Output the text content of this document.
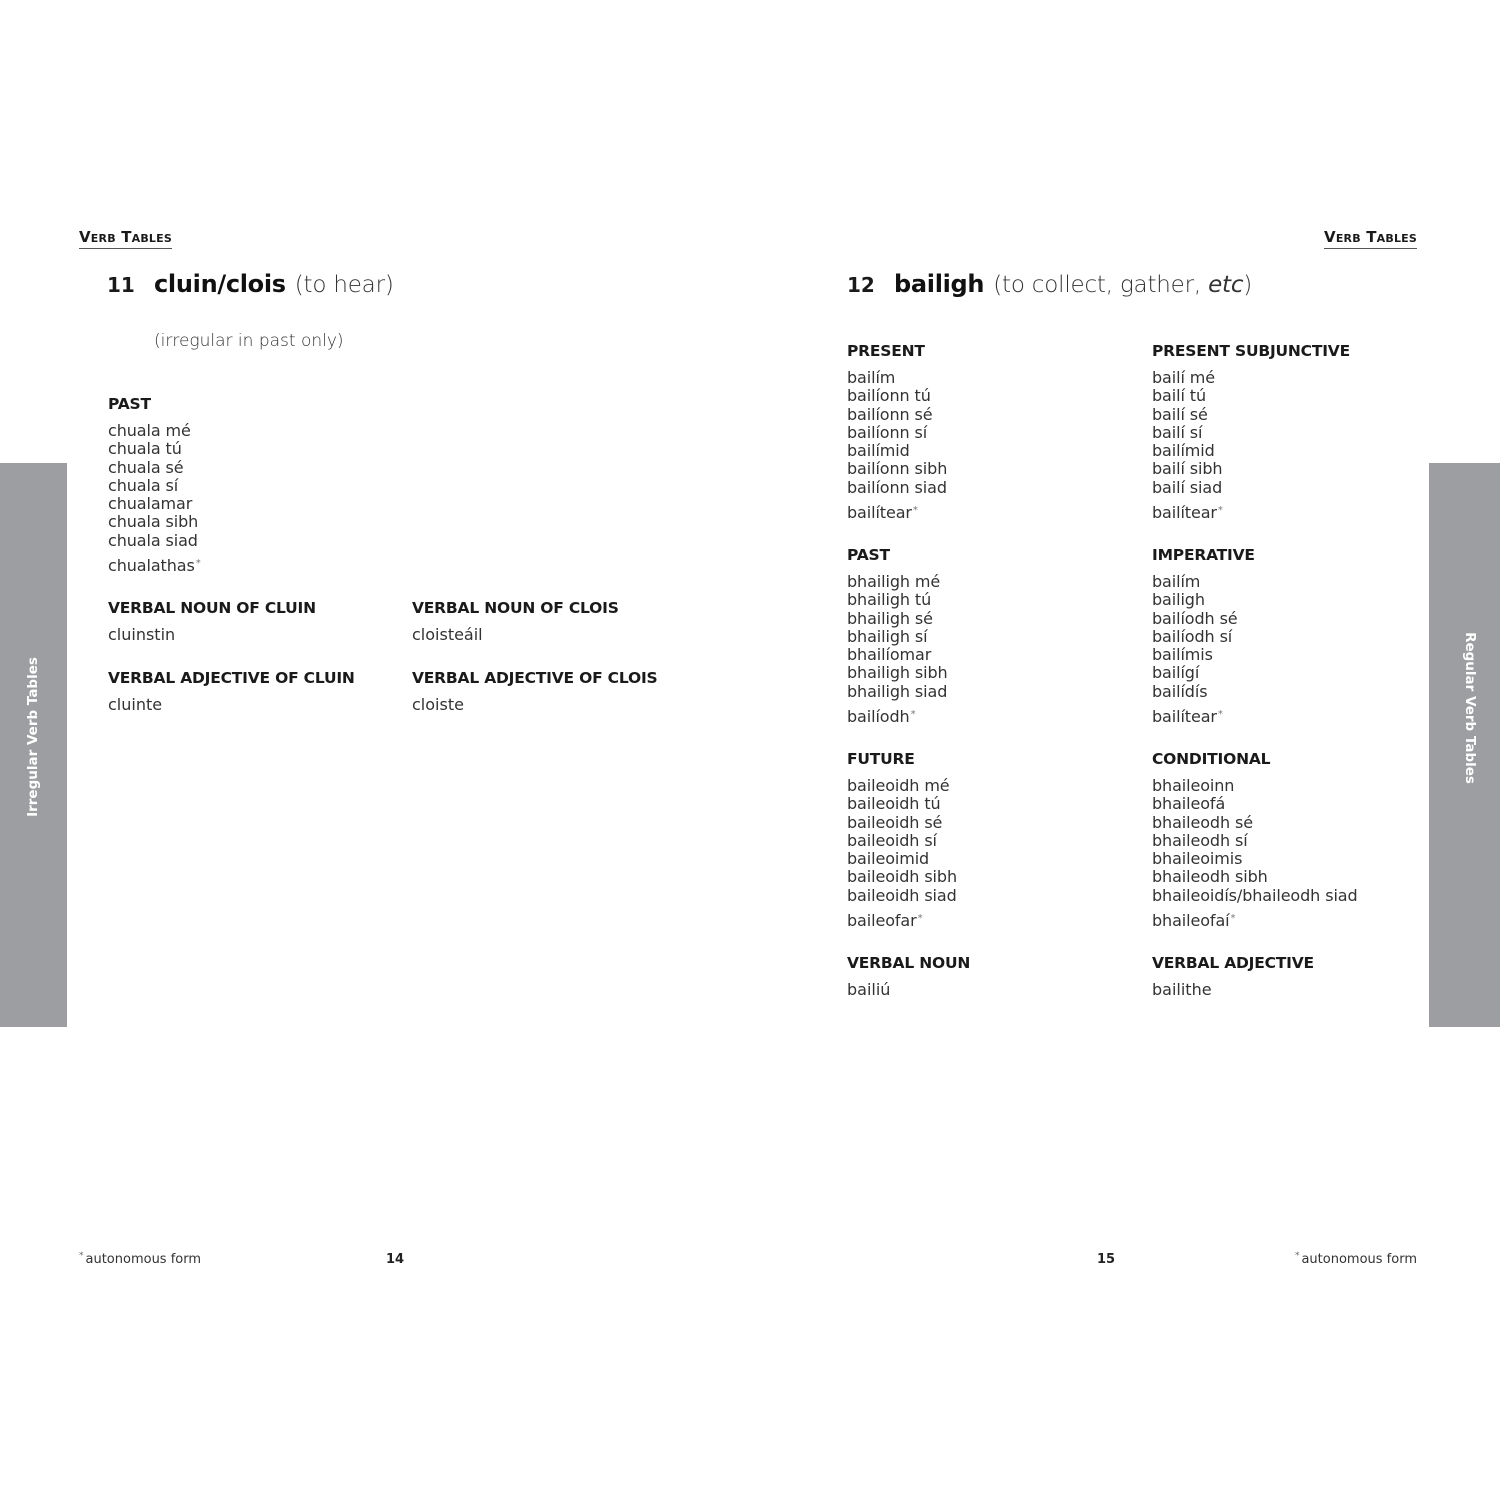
Verb Tables
11 cluin/clois (to hear)
(irregular in past only)
PAST
chuala mé
chuala tú
chuala sé
chuala sí
chualamar
chuala sibh
chuala siad
chualathas*
VERBAL NOUN OF CLUIN
cluinstin
VERBAL NOUN OF CLOIS
cloisteáil
VERBAL ADJECTIVE OF CLUIN
cluinte
VERBAL ADJECTIVE OF CLOIS
cloiste
Irregular Verb Tables
* autonomous form	14
Verb Tables
12 bailigh (to collect, gather, etc)
PRESENT
bailím
bailíonn tú
bailíonn sé
bailíonn sí
bailímid
bailíonn sibh
bailíonn siad
bailítear*
PRESENT SUBJUNCTIVE
bailí mé
bailí tú
bailí sé
bailí sí
bailímid
bailí sibh
bailí siad
bailítear*
PAST
bhailigh mé
bhailigh tú
bhailigh sé
bhailigh sí
bhailíomar
bhailigh sibh
bhailigh siad
bailíodh*
IMPERATIVE
bailím
bailigh
bailíodh sé
bailíodh sí
bailímis
bailígí
bailídís
bailítear*
FUTURE
baileoidh mé
baileoidh tú
baileoidh sé
baileoidh sí
baileoimid
baileoidh sibh
baileoidh siad
baileofar*
CONDITIONAL
bhaileoinn
bhaileofá
bhaileodh sé
bhaileodh sí
bhaileoimis
bhaileodh sibh
bhaileoidís/bhaileodh siad
bhaileofaí*
VERBAL NOUN
bailiú
VERBAL ADJECTIVE
bailithe
* autonomous form
15
Regular Verb Tables
